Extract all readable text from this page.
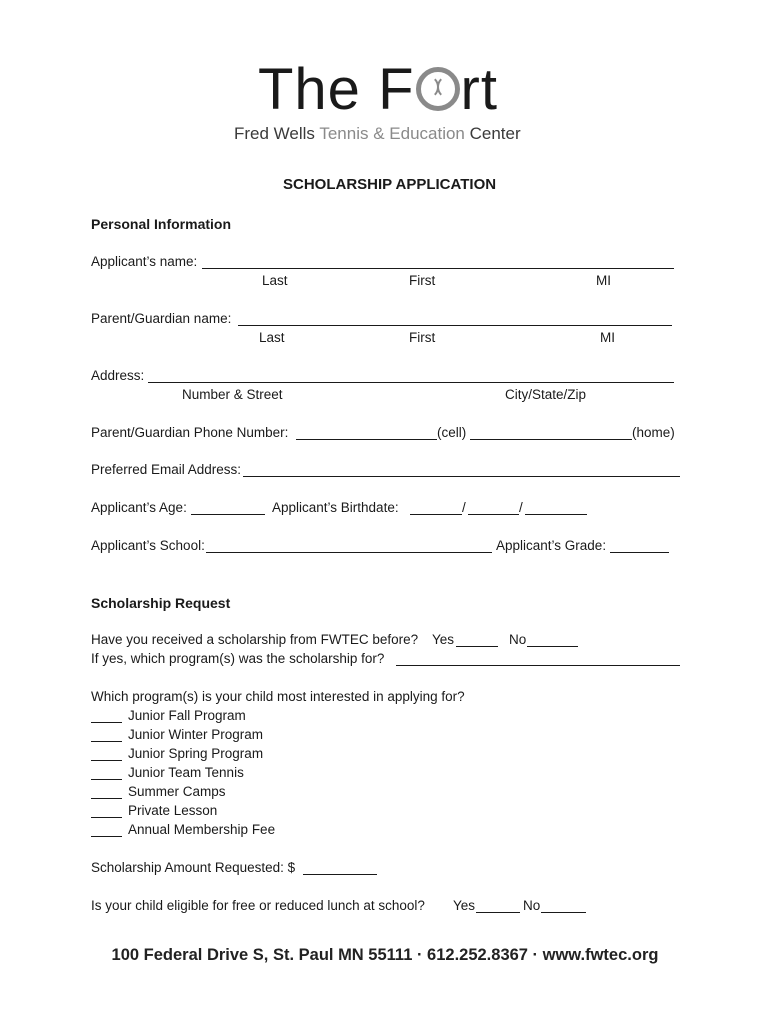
The F rt
Fred Wells Tennis & Education Center
SCHOLARSHIP APPLICATION
Personal Information
Applicant’s name:
Last	First	MI
Parent/Guardian name:
Last	First	MI
Address:
Number & Street	City/State/Zip
Parent/Guardian Phone Number:	(cell)	(home)
Preferred Email Address:
Applicant’s Age:	Applicant’s Birthdate:	/	/
Applicant’s School:	Applicant’s Grade:
Scholarship Request
Have you received a scholarship from FWTEC before? Yes	No
If yes, which program(s) was the scholarship for?
Which program(s) is your child most interested in applying for?
Junior Fall Program
Junior Winter Program
Junior Spring Program
Junior Team Tennis
Summer Camps
Private Lesson
Annual Membership Fee
Scholarship Amount Requested: $
Is your child eligible for free or reduced lunch at school? Yes	No
100 Federal Drive S, St. Paul MN 55111 · 612.252.8367 · www.fwtec.org
